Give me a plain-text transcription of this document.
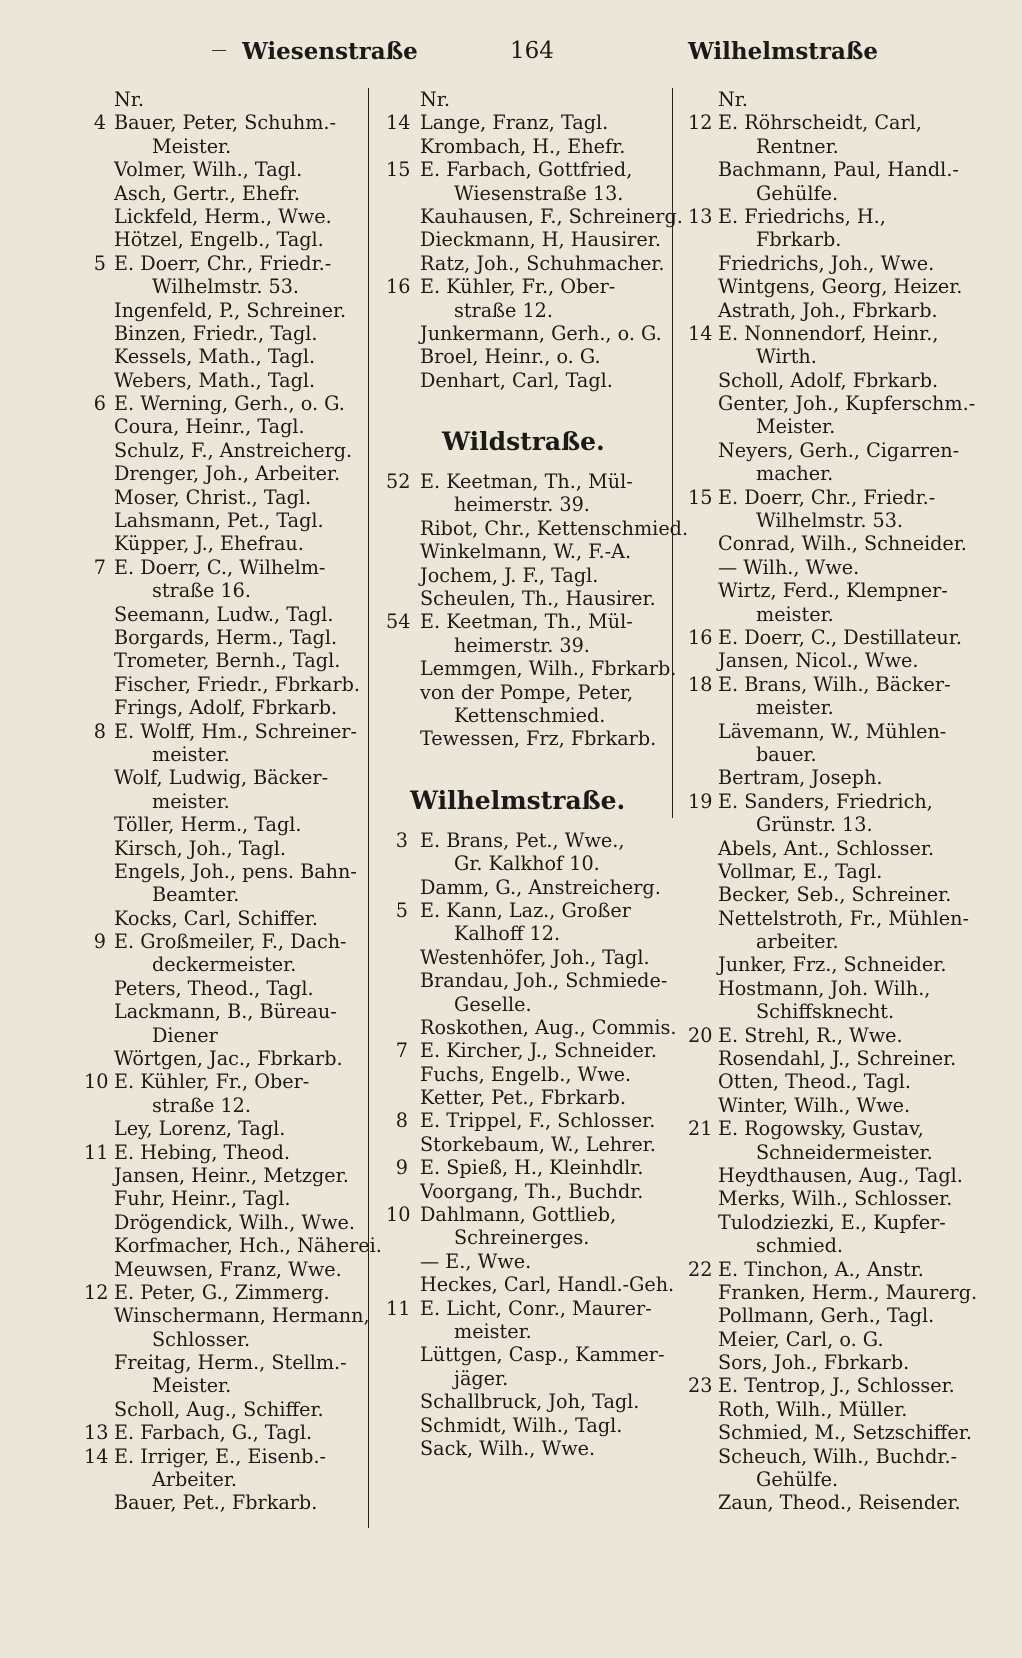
Wiesenstraße	164	Wilhelmstraße
Nr.
4 Bauer, Peter, Schuhm.-
Meister.
Volmer, Wilh., Tagl.
Asch, Gertr., Ehefr.
Lickfeld, Herm., Wwe.
Hötzel, Engelb., Tagl.
5 E. Doerr, Chr., Friedr.-
Wilhelmstr. 53.
Ingenfeld, P., Schreiner.
Binzen, Friedr., Tagl.
Kessels, Math., Tagl.
Webers, Math., Tagl.
6 E. Werning, Gerh., o. G.
Coura, Heinr., Tagl.
Schulz, F., Anstreicherg.
Drenger, Joh., Arbeiter.
Moser, Christ., Tagl.
Lahsmann, Pet., Tagl.
Küpper, J., Ehefrau.
7 E. Doerr, C., Wilhelm-
straße 16.
Seemann, Ludw., Tagl.
Borgards, Herm., Tagl.
Trometer, Bernh., Tagl.
Fischer, Friedr., Fbrkarb.
Frings, Adolf, Fbrkarb.
8 E. Wolff, Hm., Schreiner-
meister.
Wolf, Ludwig, Bäcker-
meister.
Töller, Herm., Tagl.
Kirsch, Joh., Tagl.
Engels, Joh., pens. Bahn-
Beamter.
Kocks, Carl, Schiffer.
9 E. Großmeiler, F., Dach-
deckermeister.
Peters, Theod., Tagl.
Lackmann, B., Büreau-
Diener
Wörtgen, Jac., Fbrkarb.
10 E. Kühler, Fr., Ober-
straße 12.
Ley, Lorenz, Tagl.
11 E. Hebing, Theod.
Jansen, Heinr., Metzger.
Fuhr, Heinr., Tagl.
Drögendick, Wilh., Wwe.
Korfmacher, Hch., Näherei.
Meuwsen, Franz, Wwe.
12 E. Peter, G., Zimmerg.
Winschermann, Hermann,
Schlosser.
Freitag, Herm., Stellm.-
Meister.
Scholl, Aug., Schiffer.
13 E. Farbach, G., Tagl.
14 E. Irriger, E., Eisenb.-
Arbeiter.
Bauer, Pet., Fbrkarb.
Nr.
14 Lange, Franz, Tagl.
Krombach, H., Ehefr.
15 E. Farbach, Gottfried,
Wiesenstraße 13.
Kauhausen, F., Schreinerg.
Dieckmann, H, Hausirer.
Ratz, Joh., Schuhmacher.
16 E. Kühler, Fr., Ober-
straße 12.
Junkermann, Gerh., o. G.
Broel, Heinr., o. G.
Denhart, Carl, Tagl.
Wildstraße.
52 E. Keetman, Th., Mül-
heimerstr. 39.
Ribot, Chr., Kettenschmied.
Winkelmann, W., F.-A.
Jochem, J. F., Tagl.
Scheulen, Th., Hausirer.
54 E. Keetman, Th., Mül-
heimerstr. 39.
Lemmgen, Wilh., Fbrkarb.
von der Pompe, Peter,
Kettenschmied.
Tewessen, Frz, Fbrkarb.
Wilhelmstraße.
3 E. Brans, Pet., Wwe.,
Gr. Kalkhof 10.
Damm, G., Anstreicherg.
5 E. Kann, Laz., Großer
Kalhoff 12.
Westenhöfer, Joh., Tagl.
Brandau, Joh., Schmiede-
Geselle.
Roskothen, Aug., Commis.
7 E. Kircher, J., Schneider.
Fuchs, Engelb., Wwe.
Ketter, Pet., Fbrkarb.
8 E. Trippel, F., Schlosser.
Storkebaum, W., Lehrer.
9 E. Spieß, H., Kleinhdlr.
Voorgang, Th., Buchdr.
10 Dahlmann, Gottlieb,
Schreinerges.
— E., Wwe.
Heckes, Carl, Handl.-Geh.
11 E. Licht, Conr., Maurer-
meister.
Lüttgen, Casp., Kammer-
jäger.
Schallbruck, Joh, Tagl.
Schmidt, Wilh., Tagl.
Sack, Wilh., Wwe.
Nr.
12 E. Röhrscheidt, Carl,
Rentner.
Bachmann, Paul, Handl.-
Gehülfe.
13 E. Friedrichs, H.,
Fbrkarb.
Friedrichs, Joh., Wwe.
Wintgens, Georg, Heizer.
Astrath, Joh., Fbrkarb.
14 E. Nonnendorf, Heinr.,
Wirth.
Scholl, Adolf, Fbrkarb.
Genter, Joh., Kupferschm.-
Meister.
Neyers, Gerh., Cigarren-
macher.
15 E. Doerr, Chr., Friedr.-
Wilhelmstr. 53.
Conrad, Wilh., Schneider.
— Wilh., Wwe.
Wirtz, Ferd., Klempner-
meister.
16 E. Doerr, C., Destillateur.
Jansen, Nicol., Wwe.
18 E. Brans, Wilh., Bäcker-
meister.
Lävemann, W., Mühlen-
bauer.
Bertram, Joseph.
19 E. Sanders, Friedrich,
Grünstr. 13.
Abels, Ant., Schlosser.
Vollmar, E., Tagl.
Becker, Seb., Schreiner.
Nettelstroth, Fr., Mühlen-
arbeiter.
Junker, Frz., Schneider.
Hostmann, Joh. Wilh.,
Schiffsknecht.
20 E. Strehl, R., Wwe.
Rosendahl, J., Schreiner.
Otten, Theod., Tagl.
Winter, Wilh., Wwe.
21 E. Rogowsky, Gustav,
Schneidermeister.
Heydthausen, Aug., Tagl.
Merks, Wilh., Schlosser.
Tulodziezki, E., Kupfer-
schmied.
22 E. Tinchon, A., Anstr.
Franken, Herm., Maurerg.
Pollmann, Gerh., Tagl.
Meier, Carl, o. G.
Sors, Joh., Fbrkarb.
23 E. Tentrop, J., Schlosser.
Roth, Wilh., Müller.
Schmied, M., Setzschiffer.
Scheuch, Wilh., Buchdr.-
Gehülfe.
Zaun, Theod., Reisender.
